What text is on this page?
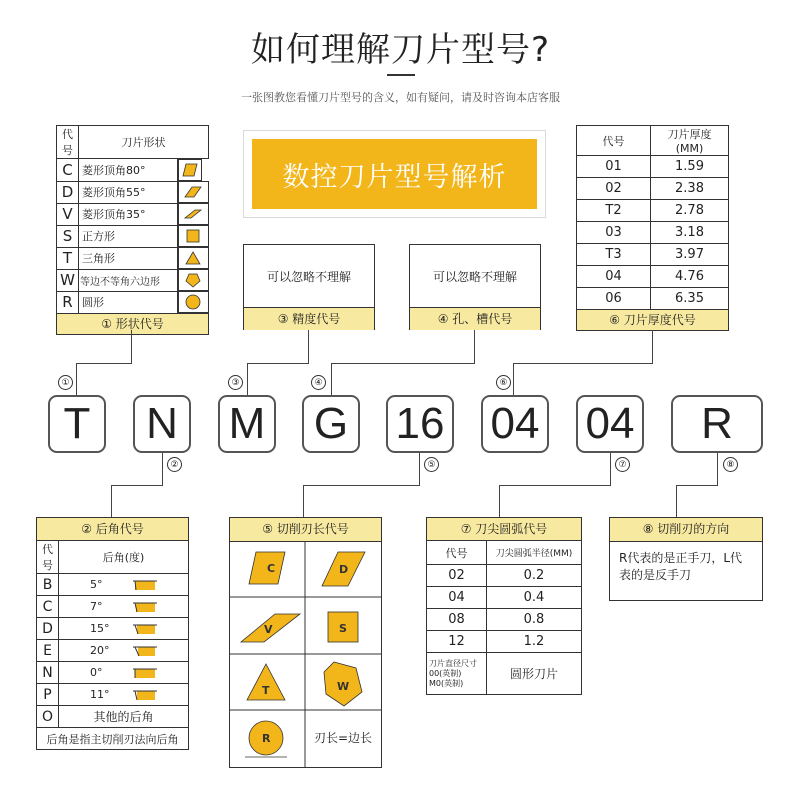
如何理解刀片型号?
一张图教您看懂刀片型号的含义，如有疑问，请及时咨询本店客服
数控刀片型号解析
代号	刀片形状
C	菱形顶角80°	

D	菱形顶角55°	

V	菱形顶角35°	

S	正方形	

T	三角形	

W	等边不等角六边形	

R	圆形	
① 形状代号
可以忽略不理解
③ 精度代号
可以忽略不理解
④ 孔、槽代号
代号	刀片厚度(MM)
01	1.59
02	2.38
T2	2.78
03	3.18
T3	3.97
04	4.76
06	6.35
⑥ 刀片厚度代号
①	③	④	⑥
T	N M G 16 04 04	R
②	⑤	⑦	⑧
② 后角代号
代号	后角(度)
B	5°

C	7°

D	15°

E	20°

N	0°

P	11°

O	其他的后角
后角是指主切削刃法向后角	
⑤ 切削刃长代号
C	D
V	S
T	W
R	刃长=边长
⑦ 刀尖圆弧代号
代号	刀尖圆弧半径(MM)
02	0.2
04	0.4
08	0.8
12	1.2

刀片直径尺寸
00(英制)
M0(英制)	圆形刀片
⑧ 切削刃的方向
R代表的是正手刀，L代表的是反手刀
